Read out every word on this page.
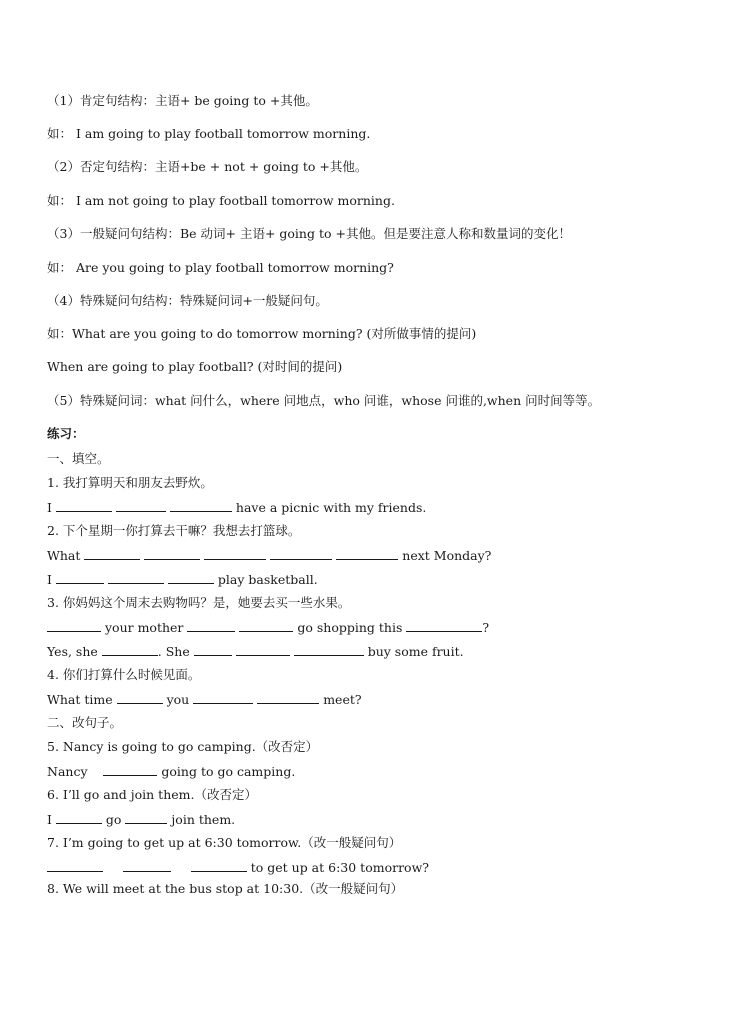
（1）肯定句结构：主语+ be going to +其他。
如： I am going to play football tomorrow morning.
（2）否定句结构：主语+be + not + going to +其他。
如： I am not going to play football tomorrow morning.
（3）一般疑问句结构：Be 动词+ 主语+ going to +其他。但是要注意人称和数量词的变化！
如： Are you going to play football tomorrow morning?
（4）特殊疑问句结构：特殊疑问词+一般疑问句。
如：What are you going to do tomorrow morning? (对所做事情的提问)
When are going to play football? (对时间的提问)
（5）特殊疑问词：what 问什么，where 问地点，who 问谁，whose 问谁的,when 问时间等等。
练习：
一、填空。
1. 我打算明天和朋友去野炊。
I	have a picnic with my friends.
2. 下个星期一你打算去干嘛？我想去打篮球。
What	next Monday?
I	play basketball.
3. 你妈妈这个周末去购物吗？是，她要去买一些水果。
your mother	go shopping this	?
Yes, she	. She	buy some fruit.
4. 你们打算什么时候见面。
What time	you	meet?
二、改句子。
5. Nancy is going to go camping.（改否定）
Nancy	going to go camping.
6. I’ll go and join them.（改否定）
I	go	join them.
7. I’m going to get up at 6:30 tomorrow.（改一般疑问句）
to get up at 6:30 tomorrow?
8. We will meet at the bus stop at 10:30.（改一般疑问句）
